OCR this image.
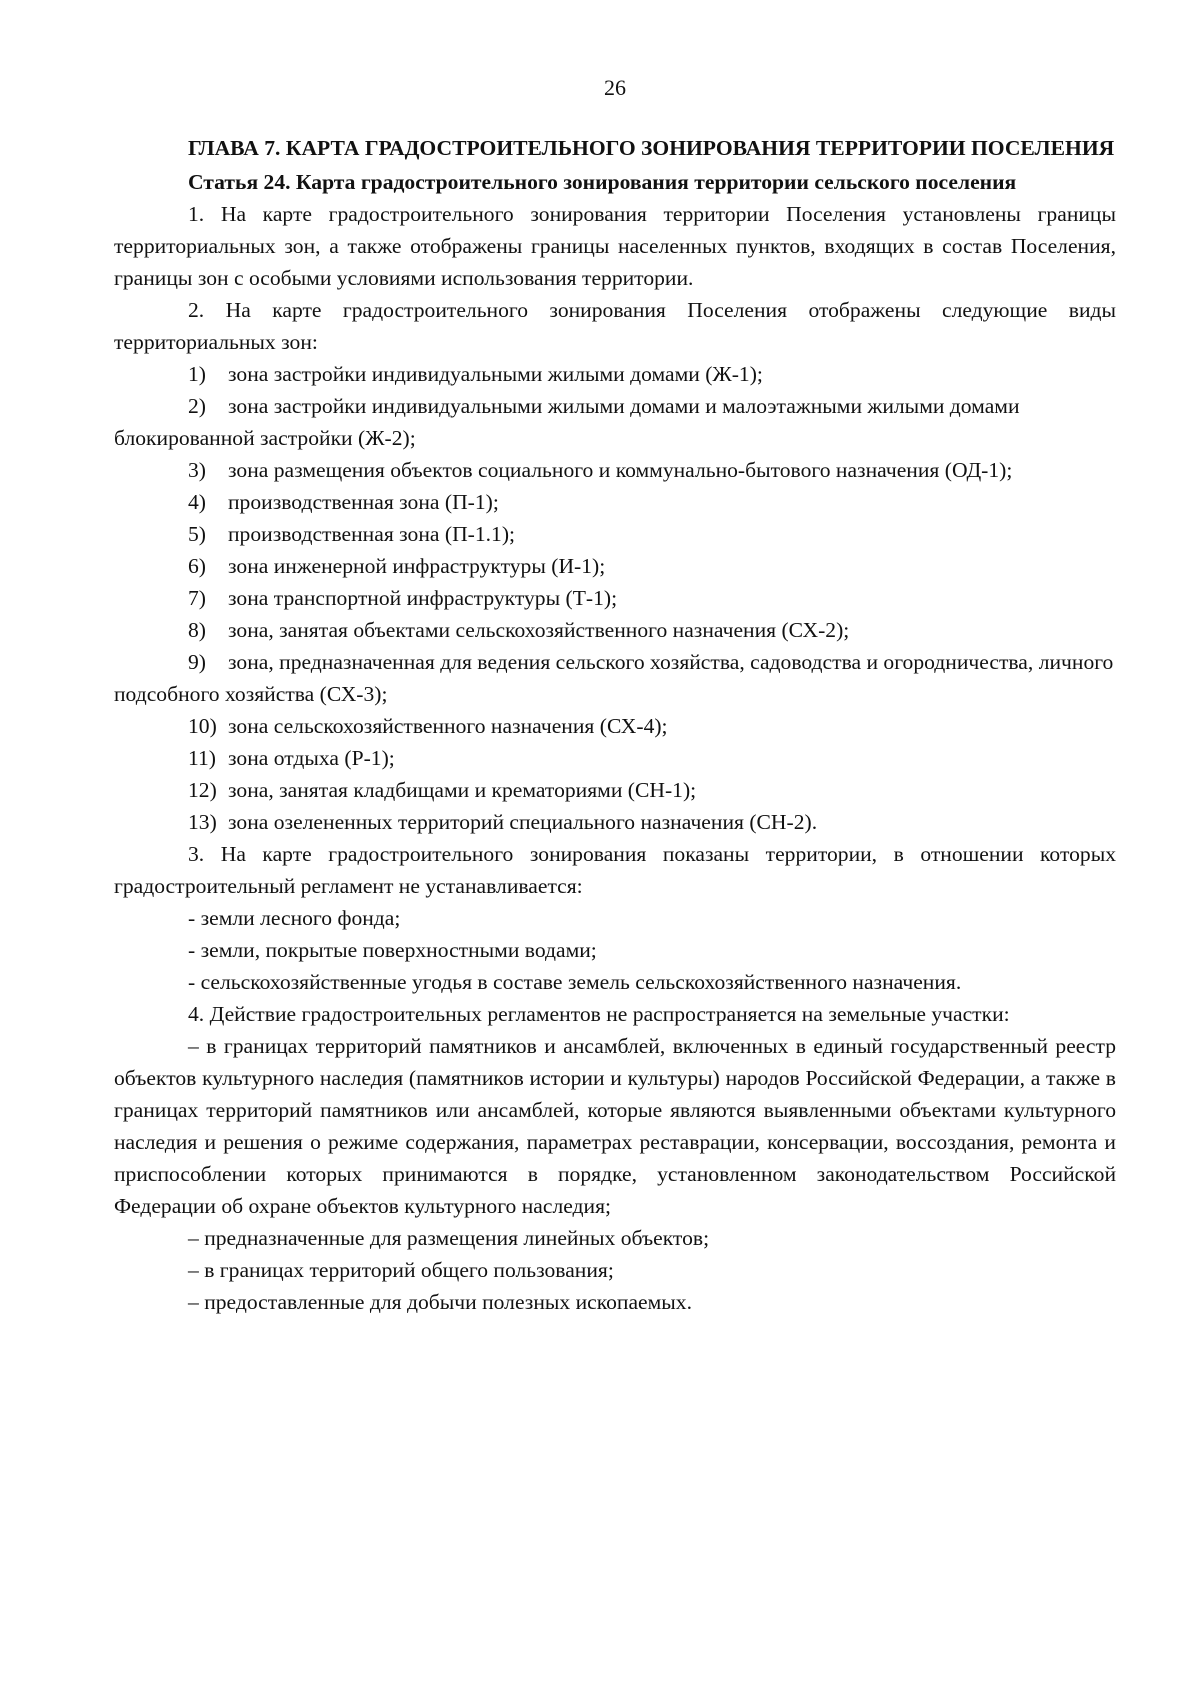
26
ГЛАВА 7. КАРТА ГРАДОСТРОИТЕЛЬНОГО ЗОНИРОВАНИЯ ТЕРРИТОРИИ ПОСЕЛЕНИЯ
Статья 24. Карта градостроительного зонирования территории сельского поселения

1. На карте градостроительного зонирования территории Поселения установлены границы территориальных зон, а также отображены границы населенных пунктов, входящих в состав Поселения, границы зон с особыми условиями использования территории.

2. На карте градостроительного зонирования Поселения отображены следующие виды территориальных зон:

1)	зона застройки индивидуальными жилыми домами (Ж-1);
2) зона застройки индивидуальными жилыми домами и малоэтажными жилыми домами блокированной застройки (Ж-2);
3)	зона размещения объектов социального и коммунально-бытового назначения (ОД-1);
4)	производственная зона (П-1);
5)	производственная зона (П-1.1);
6)	зона инженерной инфраструктуры (И-1);
7)	зона транспортной инфраструктуры (Т-1);
8)	зона, занятая объектами сельскохозяйственного назначения (СХ-2);
9) зона, предназначенная для ведения сельского хозяйства, садоводства и огородничества, личного подсобного хозяйства (СХ-3);
10) зона сельскохозяйственного назначения (СХ-4);
11) зона отдыха (Р-1);
12) зона, занятая кладбищами и крематориями (СН-1);
13) зона озелененных территорий специального назначения (СН-2).

3. На карте градостроительного зонирования показаны территории, в отношении которых градостроительный регламент не устанавливается:

- земли лесного фонда;

- земли, покрытые поверхностными водами;

- сельскохозяйственные угодья в составе земель сельскохозяйственного назначения.

4. Действие градостроительных регламентов не распространяется на земельные участки:

– в границах территорий памятников и ансамблей, включенных в единый государственный реестр объектов культурного наследия (памятников истории и культуры) народов Российской Федерации, а также в границах территорий памятников или ансамблей, которые являются выявленными объектами культурного наследия и решения о режиме содержания, параметрах реставрации, консервации, воссоздания, ремонта и приспособлении которых принимаются в порядке, установленном законодательством Российской Федерации об охране объектов культурного наследия;

– предназначенные для размещения линейных объектов;

– в границах территорий общего пользования;

– предоставленные для добычи полезных ископаемых.
